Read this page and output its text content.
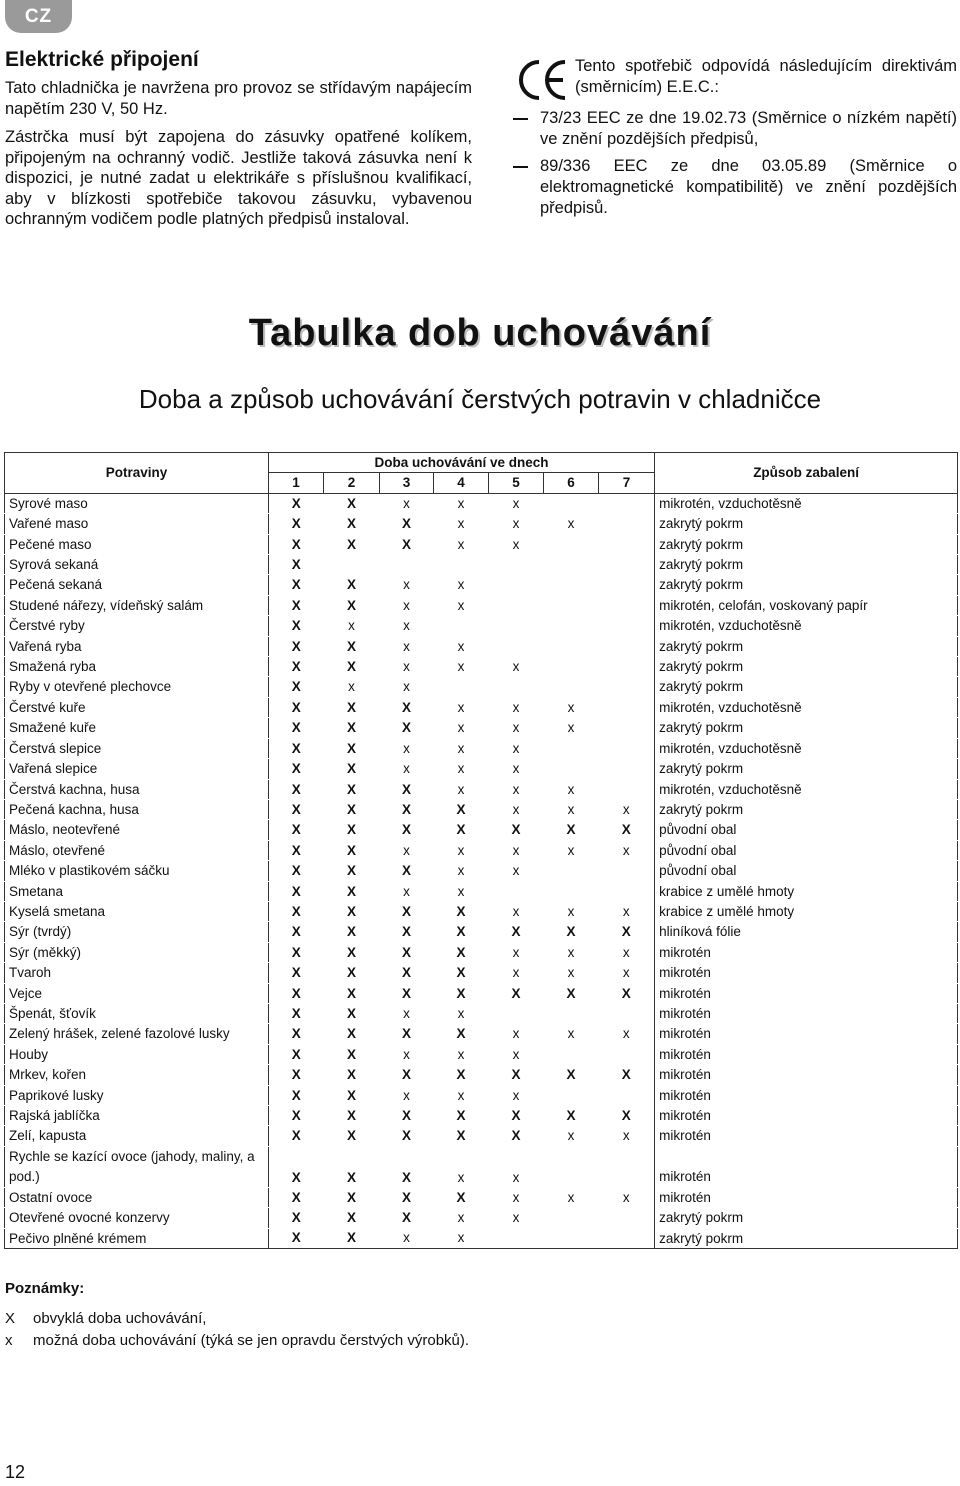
CZ
Elektrické připojení

Tato chladnička je navržena pro provoz se střídavým napájecím napětím 230 V, 50 Hz.

Zástrčka musí být zapojena do zásuvky opatřené kolíkem, připojeným na ochranný vodič. Jestliže taková zásuvka není k dispozici, je nutné zadat u elektrikáře s příslušnou kvalifikací, aby v blízkosti spotřebiče takovou zásuvku, vybavenou ochranným vodičem podle platných předpisů instaloval.

Tento spotřebič odpovídá následujícím direktivám (směrnicím) E.E.C.:
73/23 EEC ze dne 19.02.73 (Směrnice o nízkém napětí) ve znění pozdějších předpisů,
89/336 EEC ze dne 03.05.89 (Směrnice o elektromagnetické kompatibilitě) ve znění pozdějších předpisů.
Tabulka dob uchovávání
Doba a způsob uchovávání čerstvých potravin v chladničce
Potraviny	Doba uchovávání ve dnech							Způsob zabalení
	1	2	3	4	5	6	7	
Syrové maso	X	X	x	x	x			mikrotén, vzduchotěsně
Vařené maso	X	X	X	x	x	x		zakrytý pokrm
Pečené maso	X	X	X	x	x			zakrytý pokrm
Syrová sekaná	X							zakrytý pokrm
Pečená sekaná	X	X	x	x				zakrytý pokrm
Studené nářezy, vídeňský salám	X	X	x	x				mikrotén, celofán, voskovaný papír
Čerstvé ryby	X	x	x					mikrotén, vzduchotěsně
Vařená ryba	X	X	x	x				zakrytý pokrm
Smažená ryba	X	X	x	x	x			zakrytý pokrm
Ryby v otevřené plechovce	X	x	x					zakrytý pokrm
Čerstvé kuře	X	X	X	x	x	x		mikrotén, vzduchotěsně
Smažené kuře	X	X	X	x	x	x		zakrytý pokrm
Čerstvá slepice	X	X	x	x	x			mikrotén, vzduchotěsně
Vařená slepice	X	X	x	x	x			zakrytý pokrm
Čerstvá kachna, husa	X	X	X	x	x	x		mikrotén, vzduchotěsně
Pečená kachna, husa	X	X	X	X	x	x	x	zakrytý pokrm
Máslo, neotevřené	X	X	X	X	X	X	X	původní obal
Máslo, otevřené	X	X	x	x	x	x	x	původní obal
Mléko v plastikovém sáčku	X	X	X	x	x			původní obal
Smetana	X	X	x	x				krabice z umělé hmoty
Kyselá smetana	X	X	X	X	x	x	x	krabice z umělé hmoty
Sýr (tvrdý)	X	X	X	X	X	X	X	hliníková fólie
Sýr (měkký)	X	X	X	X	x	x	x	mikrotén
Tvaroh	X	X	X	X	x	x	x	mikrotén
Vejce	X	X	X	X	X	X	X	mikrotén
Špenát, šťovík	X	X	x	x				mikrotén
Zelený hrášek, zelené fazolové lusky	X	X	X	X	x	x	x	mikrotén
Houby	X	X	x	x	x			mikrotén
Mrkev, kořen	X	X	X	X	X	X	X	mikrotén
Paprikové lusky	X	X	x	x	x			mikrotén
Rajská jablíčka	X	X	X	X	X	X	X	mikrotén
Zelí, kapusta	X	X	X	X	X	x	x	mikrotén
Rychle se kazící ovoce (jahody, maliny, a pod.)	X	X	X	x	x			mikrotén
Ostatní ovoce	X	X	X	X	x	x	x	mikrotén
Otevřené ovocné konzervy	X	X	X	x	x			zakrytý pokrm
Pečivo plněné krémem	X	X	x	x				zakrytý pokrm
Poznámky:
X	obvyklá doba uchovávání,
x	možná doba uchovávání (týká se jen opravdu čerstvých výrobků).
12
